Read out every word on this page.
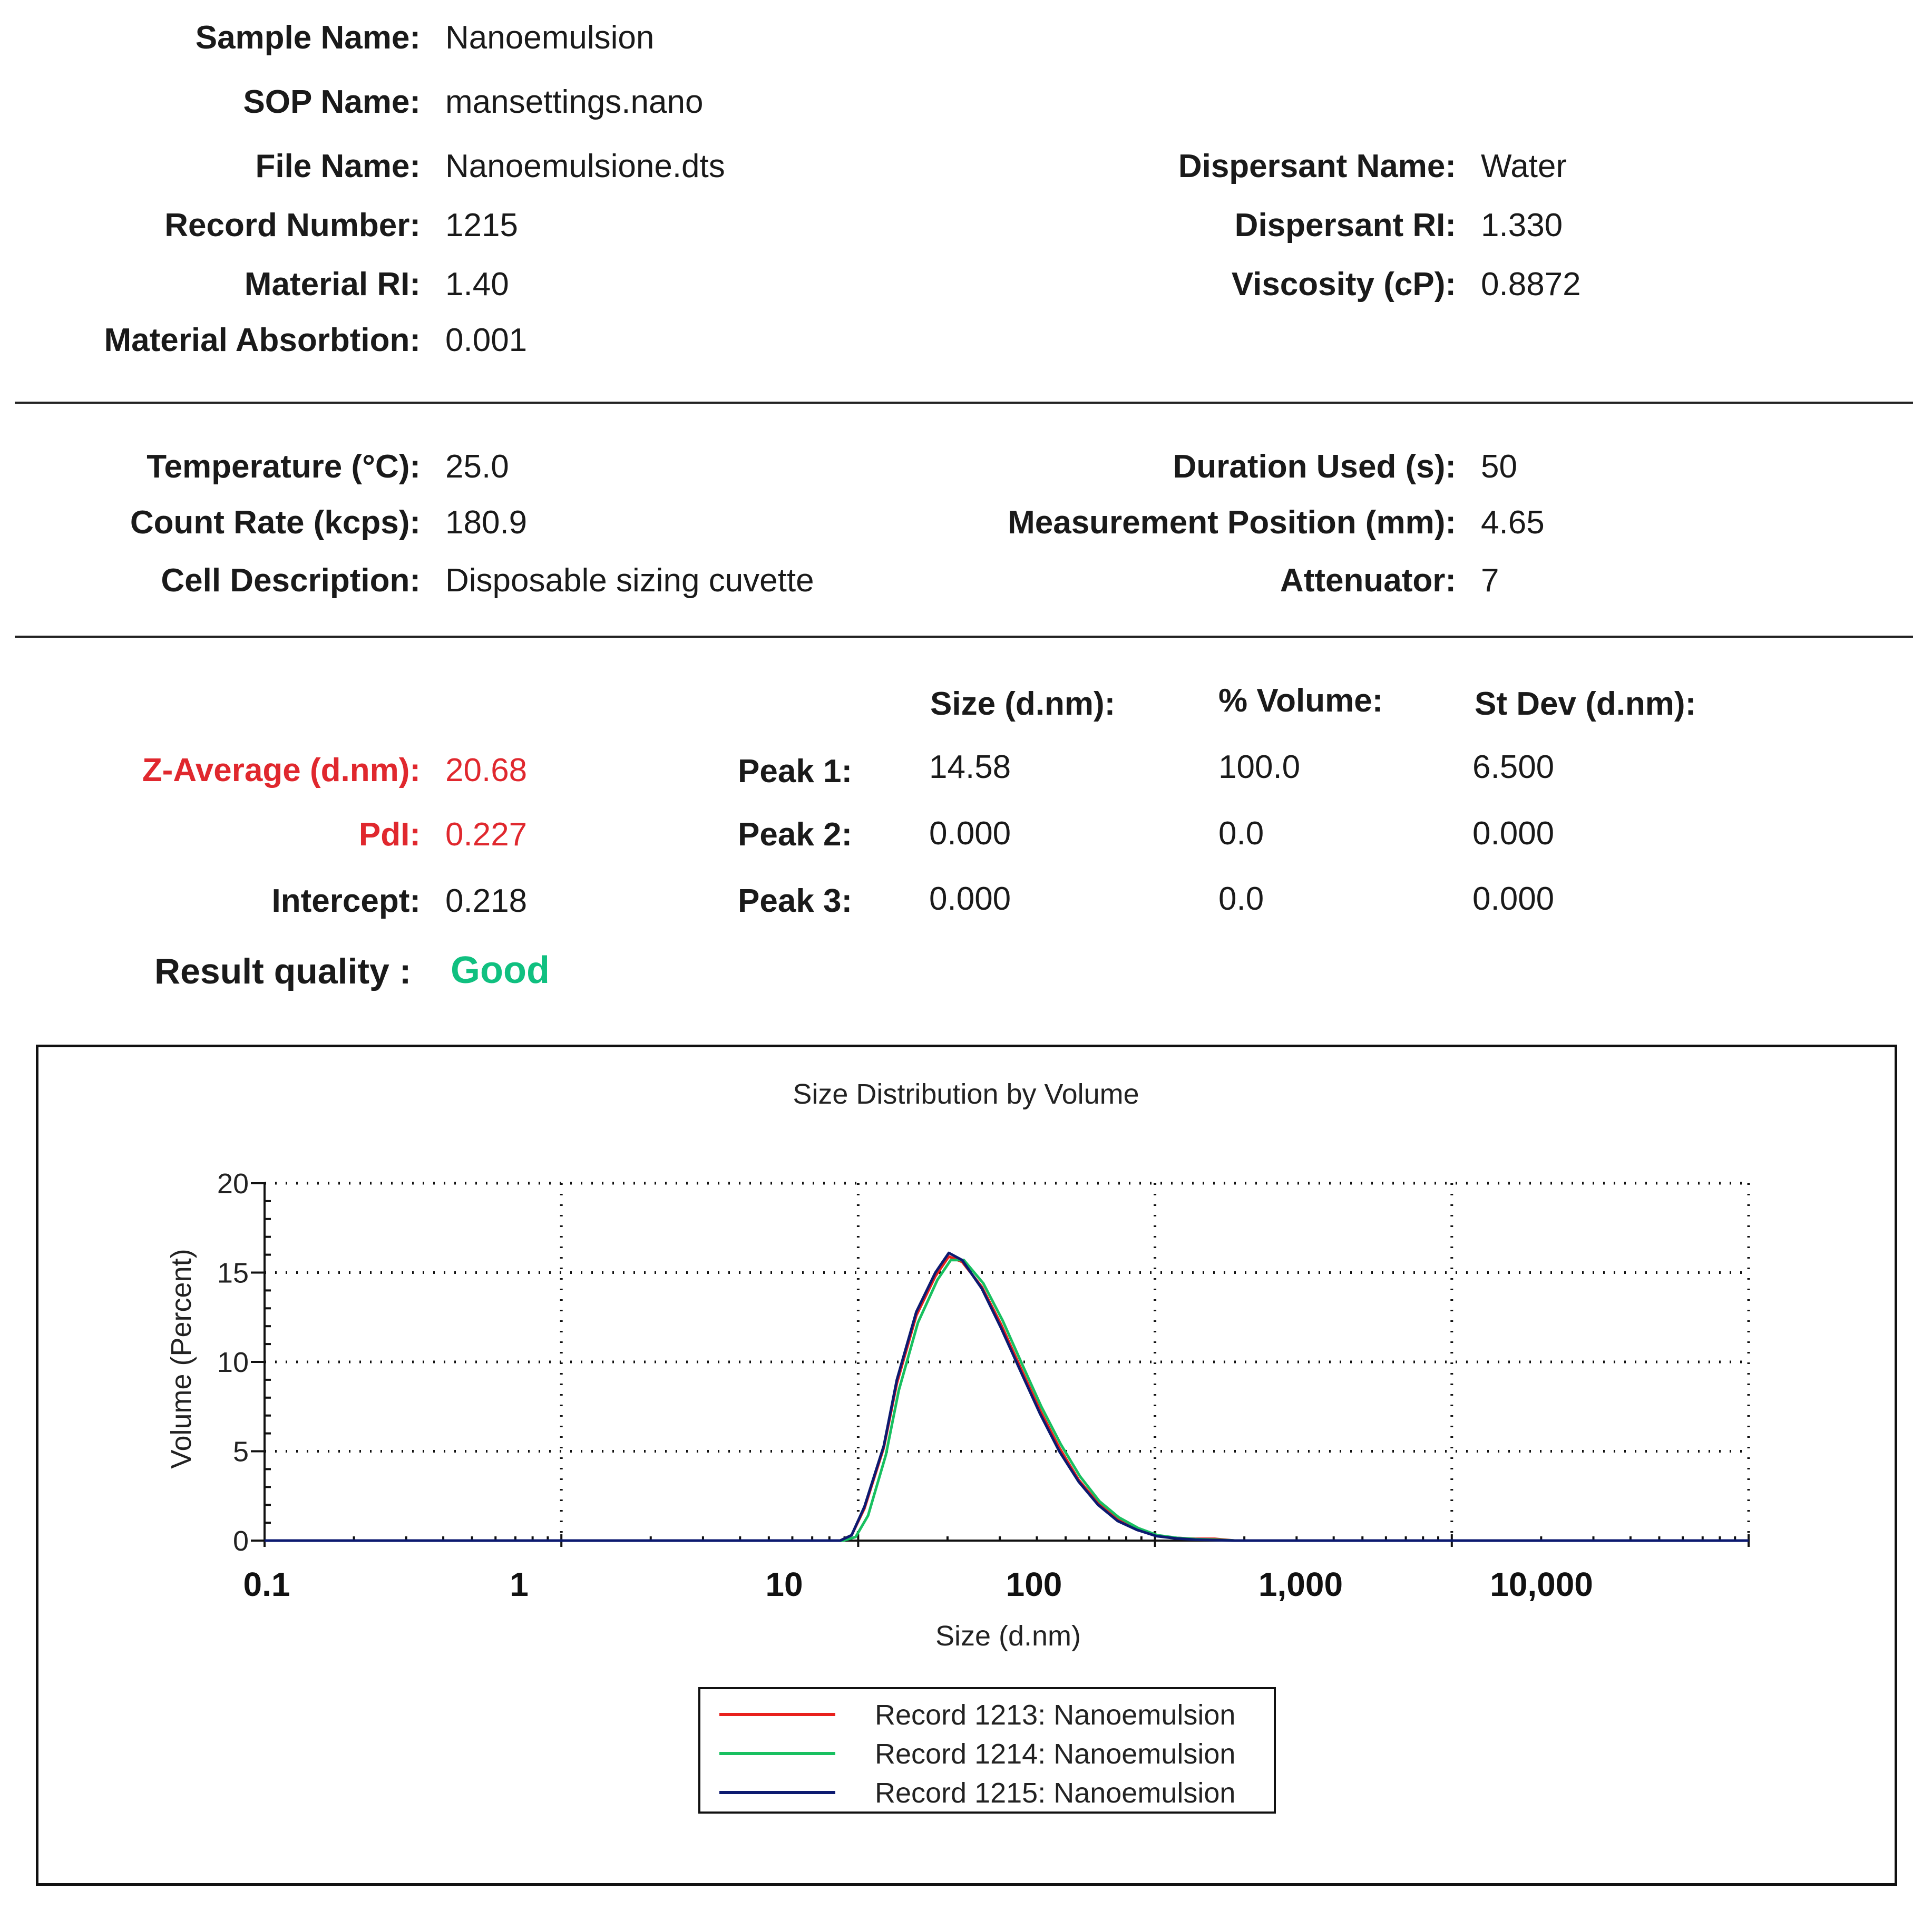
Sample Name: Nanoemulsion
SOP Name: mansettings.nano
File Name: Nanoemulsione.dts
Record Number: 1215
Material RI: 1.40
Material Absorbtion: 0.001
Dispersant Name: Water
Dispersant RI: 1.330
Viscosity (cP): 0.8872
Temperature (°C): 25.0
Count Rate (kcps): 180.9
Cell Description: Disposable sizing cuvette
Duration Used (s): 50
Measurement Position (mm): 4.65
Attenuator: 7
Size (d.nm):	% Volume:	St Dev (d.nm):
Z-Average (d.nm): 20.68
PdI: 0.227
Intercept: 0.218
Result quality : Good
Peak 1: 14.58	100.0	6.500
Peak 2: 0.000	0.0	0.000
Peak 3: 0.000	0.0	0.000
Size Distribution by Volume
Size (d.nm)
Volume (Percent)
0
5
10
15
20
0.1	1	10	100	1,000	10,000
Record 1213: Nanoemulsion
Record 1214: Nanoemulsion
Record 1215: Nanoemulsion
